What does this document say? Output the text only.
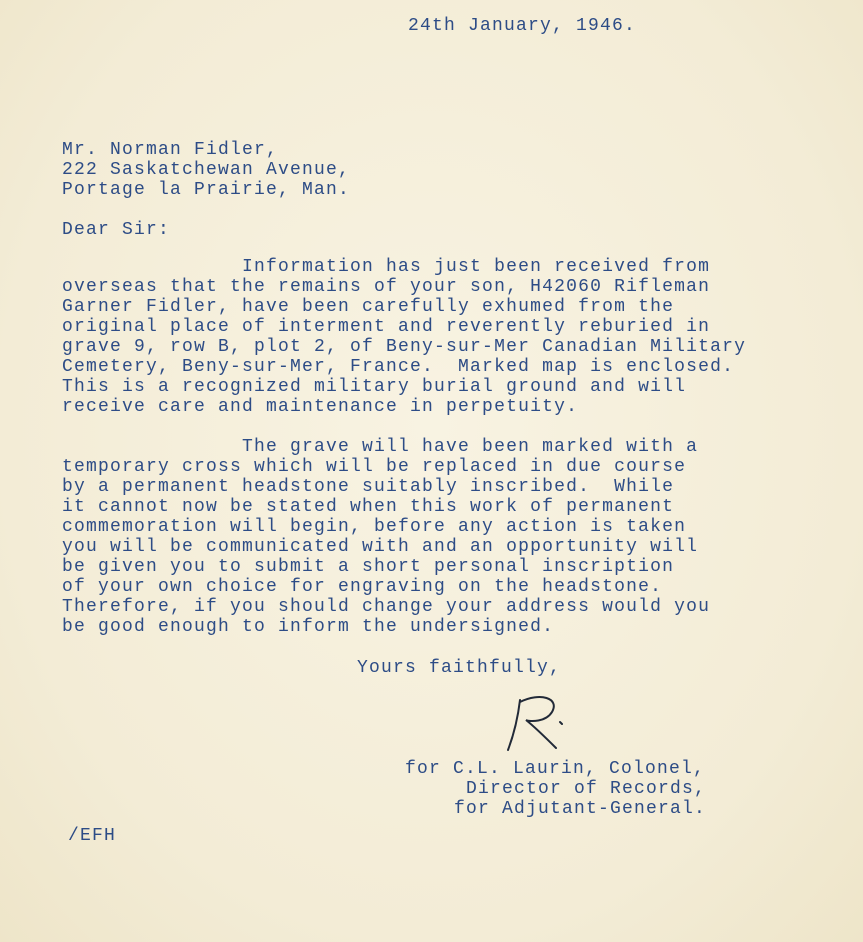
24th January, 1946.
Mr. Norman Fidler,
222 Saskatchewan Avenue,
Portage la Prairie, Man.
Dear Sir:
Information has just been received from
overseas that the remains of your son, H42060 Rifleman
Garner Fidler, have been carefully exhumed from the
original place of interment and reverently reburied in
grave 9, row B, plot 2, of Beny-sur-Mer Canadian Military
Cemetery, Beny-sur-Mer, France.  Marked map is enclosed.
This is a recognized military burial ground and will
receive care and maintenance in perpetuity.
The grave will have been marked with a
temporary cross which will be replaced in due course
by a permanent headstone suitably inscribed.  While
it cannot now be stated when this work of permanent
commemoration will begin, before any action is taken
you will be communicated with and an opportunity will
be given you to submit a short personal inscription
of your own choice for engraving on the headstone.
Therefore, if you should change your address would you
be good enough to inform the undersigned.
Yours faithfully,
for C.L. Laurin, Colonel,
Director of Records,
for Adjutant-General.
/EFH
